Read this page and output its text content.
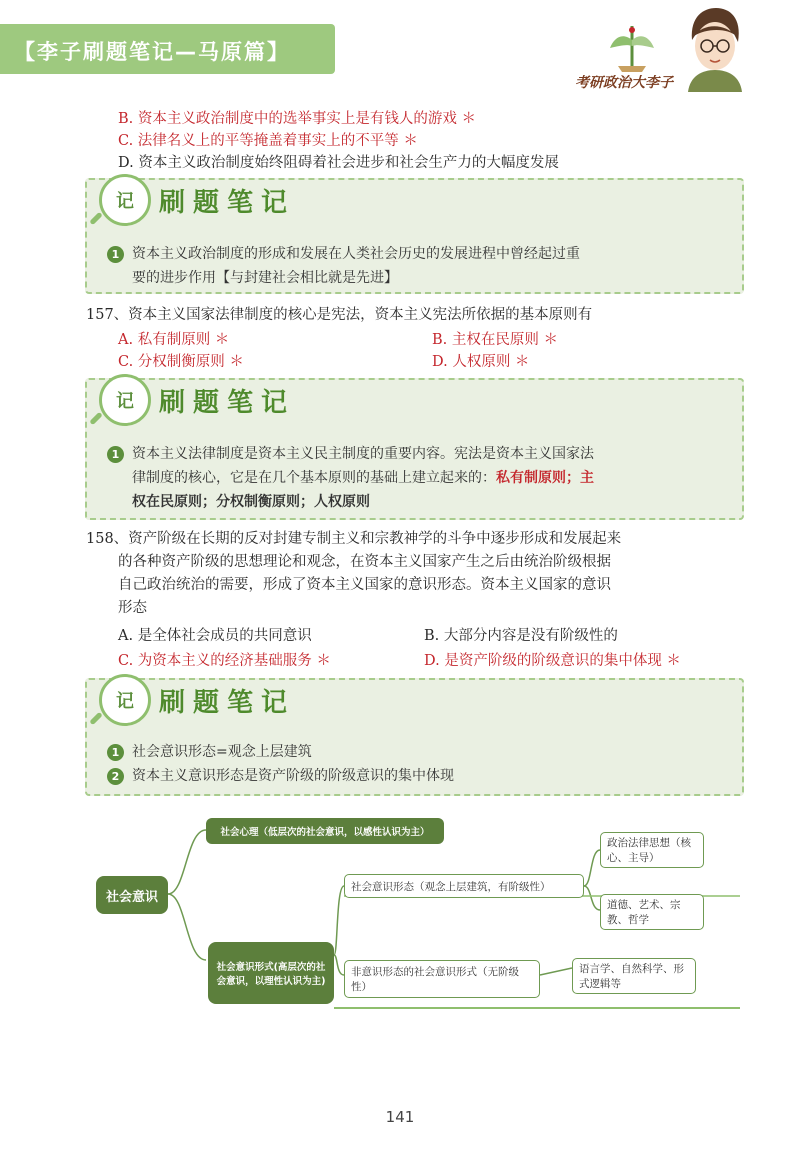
【李子刷题笔记—马原篇】
考研政治大李子
B. 资本主义政治制度中的选举事实上是有钱人的游戏 ＊
C. 法律名义上的平等掩盖着事实上的不平等 ＊
D. 资本主义政治制度始终阻碍着社会进步和社会生产力的大幅度发展
记 刷题笔记
1 资本主义政治制度的形成和发展在人类社会历史的发展进程中曾经起过重
要的进步作用【与封建社会相比就是先进】
157、资本主义国家法律制度的核心是宪法，资本主义宪法所依据的基本原则有
A. 私有制原则 ＊	B. 主权在民原则 ＊
C. 分权制衡原则 ＊	D. 人权原则 ＊
记 刷题笔记
1 资本主义法律制度是资本主义民主制度的重要内容。宪法是资本主义国家法
律制度的核心，它是在几个基本原则的基础上建立起来的：私有制原则；主
权在民原则；分权制衡原则；人权原则
158、资产阶级在长期的反对封建专制主义和宗教神学的斗争中逐步形成和发展起来
的各种资产阶级的思想理论和观念，在资本主义国家产生之后由统治阶级根据
自己政治统治的需要，形成了资本主义国家的意识形态。资本主义国家的意识
形态
A. 是全体社会成员的共同意识	B. 大部分内容是没有阶级性的
C. 为资本主义的经济基础服务 ＊	D. 是资产阶级的阶级意识的集中体现 ＊
记 刷题笔记
1 社会意识形态=观念上层建筑
2 资本主义意识形态是资产阶级的阶级意识的集中体现
社会意识
社会心理（低层次的社会意识，以感性认识为主）
社会意识形式(高层次的社会意识，以理性认识为主)
社会意识形态（观念上层建筑，有阶级性）
非意识形态的社会意识形式（无阶级性）
政治法律思想（核心、主导）
道德、艺术、宗教、哲学
语言学、自然科学、形式逻辑等
141
